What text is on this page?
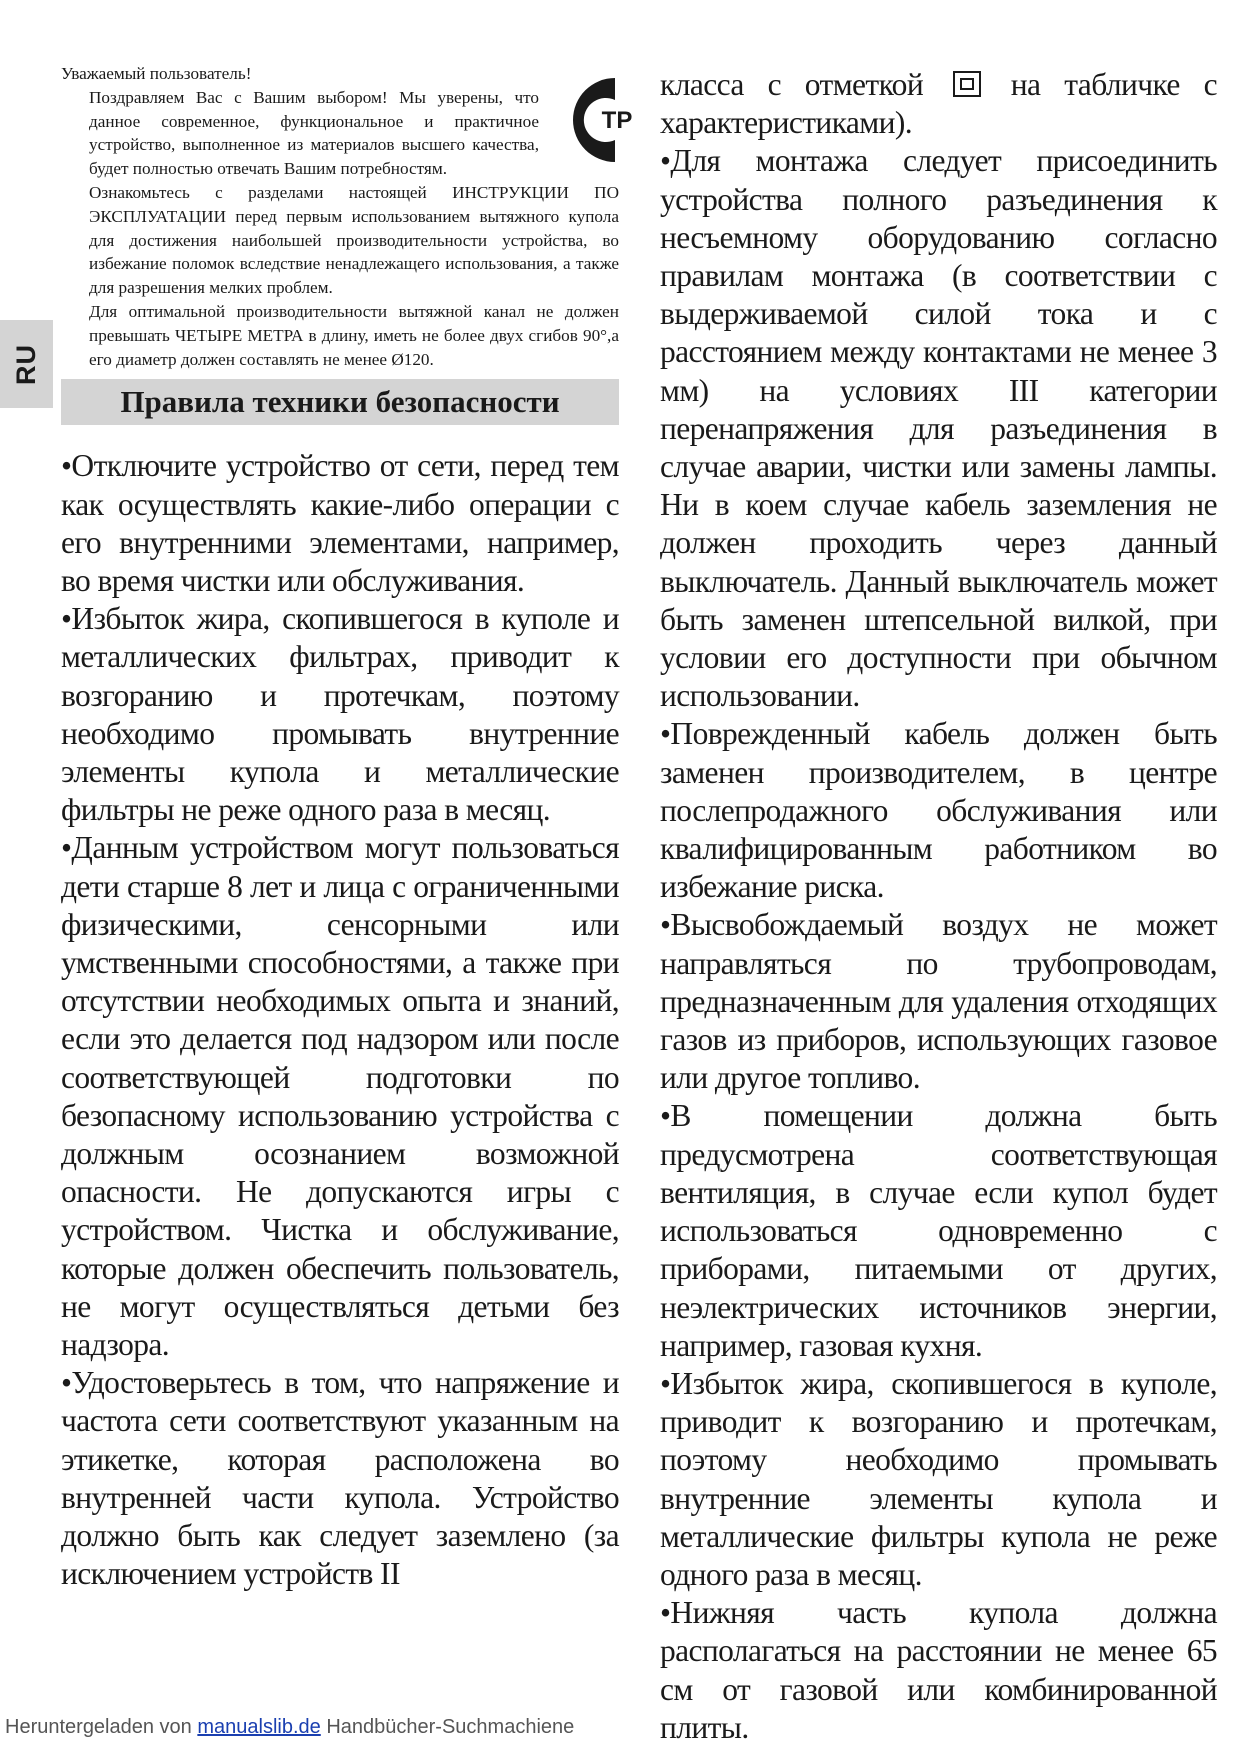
RU

Уважаемый пользователь!

Поздравляем Вас с Вашим выбором! Мы уверены, что данное современное, функциональное и практичное устройство, выполненное из материалов высшего качества, будет полностью отвечать Вашим потребностям.

Ознакомьтесь с разделами настоящей ИНСТРУКЦИИ ПО ЭКСПЛУАТАЦИИ перед первым использованием вытяжного купола для достижения наибольшей производительности устройства, во избежание поломок вследствие ненадлежащего использования, а также для разрешения мелких проблем.

Для оптимальной производительности вытяжной канал не должен превышать ЧЕТЫРЕ МЕТРА в длину, иметь не более двух сгибов 90°,а его диаметр должен составлять не менее Ø120.

Правила техники безопасности

•Отключите устройство от сети, перед тем как осуществлять какие-либо операции с его внутренними элементами, например, во время чистки или обслуживания.

•Избыток жира, скопившегося в куполе и металлических фильтрах, приводит к возгоранию и протечкам, поэтому необходимо промывать внутренние элементы купола и металлические фильтры не реже одного раза в месяц.

•Данным устройством могут пользоваться дети старше 8 лет и лица с ограниченными физическими, сенсорными или умственными способностями, а также при отсутствии необходимых опыта и знаний, если это делается под надзором или после соответствующей подготовки по безопасному использованию устройства с должным осознанием возможной опасности. Не допускаются игры с устройством. Чистка и обслуживание, которые должен обеспечить пользователь, не могут осуществляться детьми без надзора.

•Удостоверьтесь в том, что напряжение и частота сети соответствуют указанным на этикетке, которая расположена во внутренней части купола. Устройство должно быть как следует заземлено (за исключением устройств II

TP

класса с отметкой	на табличке с характеристиками).

•Для монтажа следует присоединить устройства полного разъединения к несъемному оборудованию согласно правилам монтажа (в соответствии с выдерживаемой силой тока и с расстоянием между контактами не менее 3 мм) на условиях III категории перенапряжения для разъединения в случае аварии, чистки или замены лампы. Ни в коем случае кабель заземления не должен проходить через данный выключатель. Данный выключатель может быть заменен штепсельной вилкой, при условии его доступности при обычном использовании.

•Поврежденный кабель должен быть заменен производителем, в центре послепродажного обслуживания или квалифицированным работником во избежание риска.

•Высвобождаемый воздух не может направляться по трубопроводам, предназначенным для удаления отходящих газов из приборов, использующих газовое или другое топливо.

•В помещении должна быть предусмотрена соответствующая вентиляция, в случае если купол будет использоваться одновременно с приборами, питаемыми от других, неэлектрических источников энергии, например, газовая кухня.

•Избыток жира, скопившегося в куполе, приводит к возгоранию и протечкам, поэтому необходимо промывать внутренние элементы купола и металлические фильтры купола не реже одного раза в месяц.

•Нижняя часть купола должна располагаться на расстоянии не менее 65 см от газовой или комбинированной плиты.

Heruntergeladen von manualslib.de Handbücher-Suchmachiene
